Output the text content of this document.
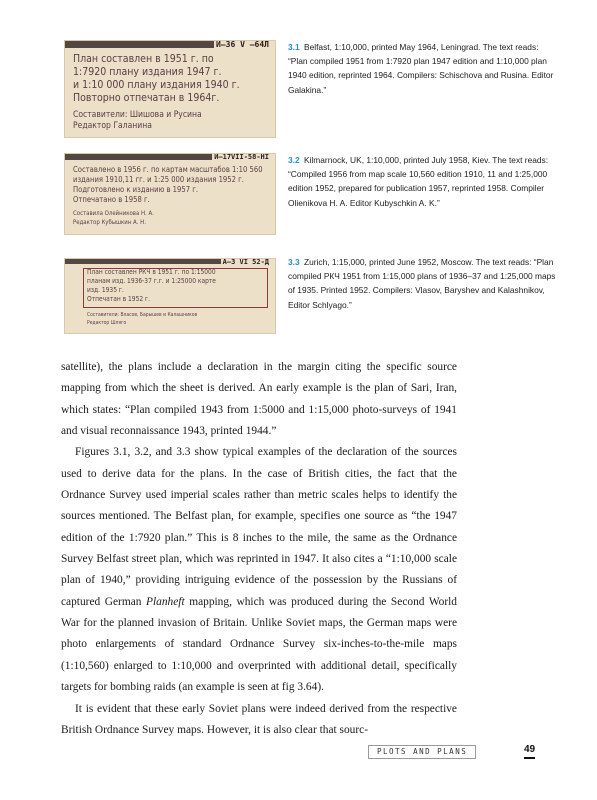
И–36 V –64Л
План составлен в 1951 г. по
1:7920 плану издания 1947 г.
и 1:10 000 плану издания 1940 г.
Повторно отпечатан в 1964г.
Составители: Шишова и Русина
Редактор Галанина
3.1 Belfast, 1:10,000, printed May 1964, Leningrad. The text reads: “Plan compiled 1951 from 1:7920 plan 1947 edition and 1:10,000 plan 1940 edition, reprinted 1964. Compilers: Schischova and Rusina. Editor Galakina.”
И–17VII-58-НI
Составлено в 1956 г. по картам масштабов 1:10 560
издания 1910,11 гг. и 1:25 000 издания 1952 г.
Подготовлено к изданию в 1957 г.
Отпечатано в 1958 г.
Составила Олейникова Н. А.
Редактор Кубышкин А. Н.
3.2 Kilmarnock, UK, 1:10,000, printed July 1958, Kiev. The text reads: “Compiled 1956 from map scale 10,560 edition 1910, 11 and 1:25,000 edition 1952, prepared for publication 1957, reprinted 1958. Compiler Olienikova H. A. Editor Kubyschkin A. K.”
А–3 VI 52-Д
План составлен РКЧ в 1951 г. по 1:15000
планам изд. 1936-37 г.г. и 1:25000 карте
изд. 1935 г.
Отпечатан в 1952 г.
Составители: Власов, Барышев и Калашников
Редактор Шляго
3.3 Zurich, 1:15,000, printed June 1952, Moscow. The text reads: “Plan compiled РКЧ 1951 from 1:15,000 plans of 1936–37 and 1:25,000 maps of 1935. Printed 1952. Compilers: Vlasov, Baryshev and Kalashnikov, Editor Schlyago.”

satellite), the plans include a declaration in the margin citing the specific source mapping from which the sheet is derived. An early example is the plan of Sari, Iran, which states: “Plan compiled 1943 from 1:5000 and 1:15,000 photo-surveys of 1941 and visual reconnaissance 1943, printed 1944.”

Figures 3.1, 3.2, and 3.3 show typical examples of the declaration of the sources used to derive data for the plans. In the case of British cities, the fact that the Ordnance Survey used imperial scales rather than metric scales helps to identify the sources mentioned. The Belfast plan, for example, specifies one source as “the 1947 edition of the 1:7920 plan.” This is 8 inches to the mile, the same as the Ordnance Survey Belfast street plan, which was reprinted in 1947. It also cites a “1:10,000 scale plan of 1940,” providing intriguing evidence of the possession by the Russians of captured German Planheft mapping, which was produced during the Second World War for the planned invasion of Britain. Unlike Soviet maps, the German maps were photo enlargements of standard Ordnance Survey six-inches-to-the-mile maps (1:10,560) enlarged to 1:10,000 and overprinted with additional detail, specifically targets for bombing raids (an example is seen at fig 3.64).

It is evident that these early Soviet plans were indeed derived from the respective British Ordnance Survey maps. However, it is also clear that sourc-

PLOTS AND PLANS	49
